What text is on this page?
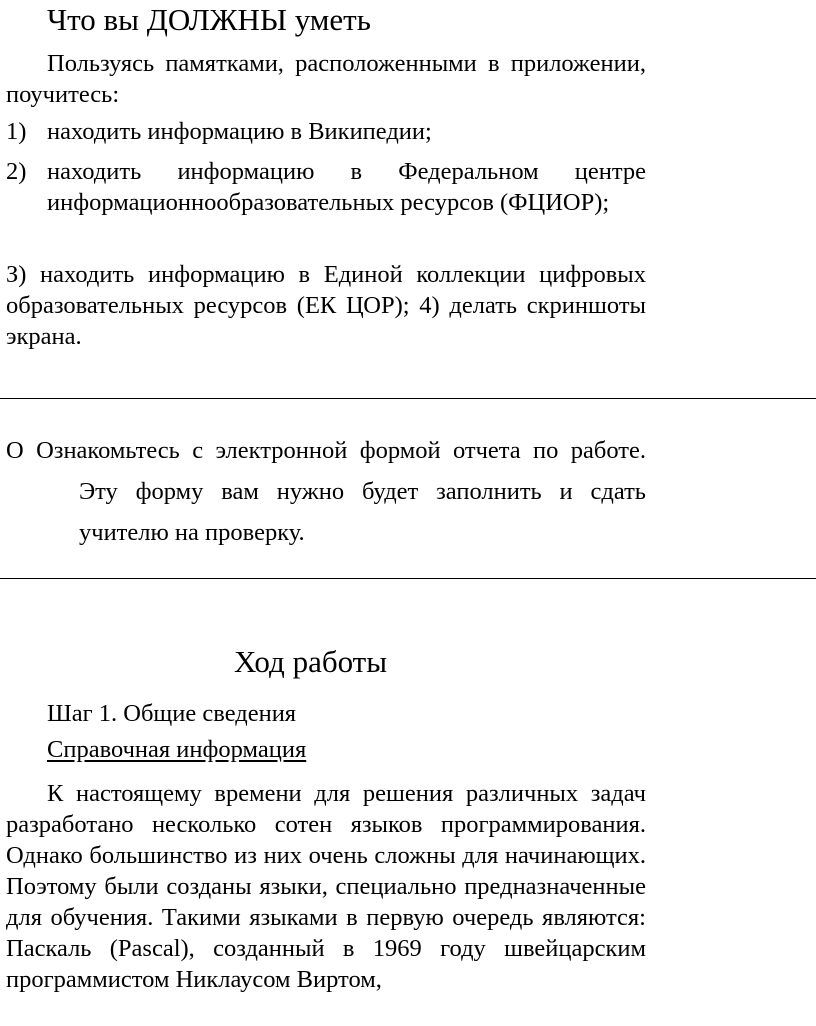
Что вы ДОЛЖНЫ уметь

Пользуясь памятками, расположенными в приложении, поучитесь:

1) находить информацию в Википедии;
2) находить информацию в Федеральном центре информационнообразовательных ресурсов (ФЦИОР);

З) находить информацию в Единой коллекции цифровых образовательных ресурсов (ЕК ЦОР); 4) делать скриншоты экрана.

О Ознакомьтесь с электронной формой отчета по работе. Эту форму вам нужно будет заполнить и сдать учителю на проверку.

Ход работы

Шаг 1. Общие сведения

Справочная информация

К настоящему времени для решения различных задач разработано несколько сотен языков программирования. Однако большинство из них очень сложны для начинающих. Поэтому были созданы языки, специально предназначенные для обучения. Такими языками в первую очередь являются: Паскаль (Pascal), созданный в 1969 году швейцарским программистом Никлаусом Виртом,
